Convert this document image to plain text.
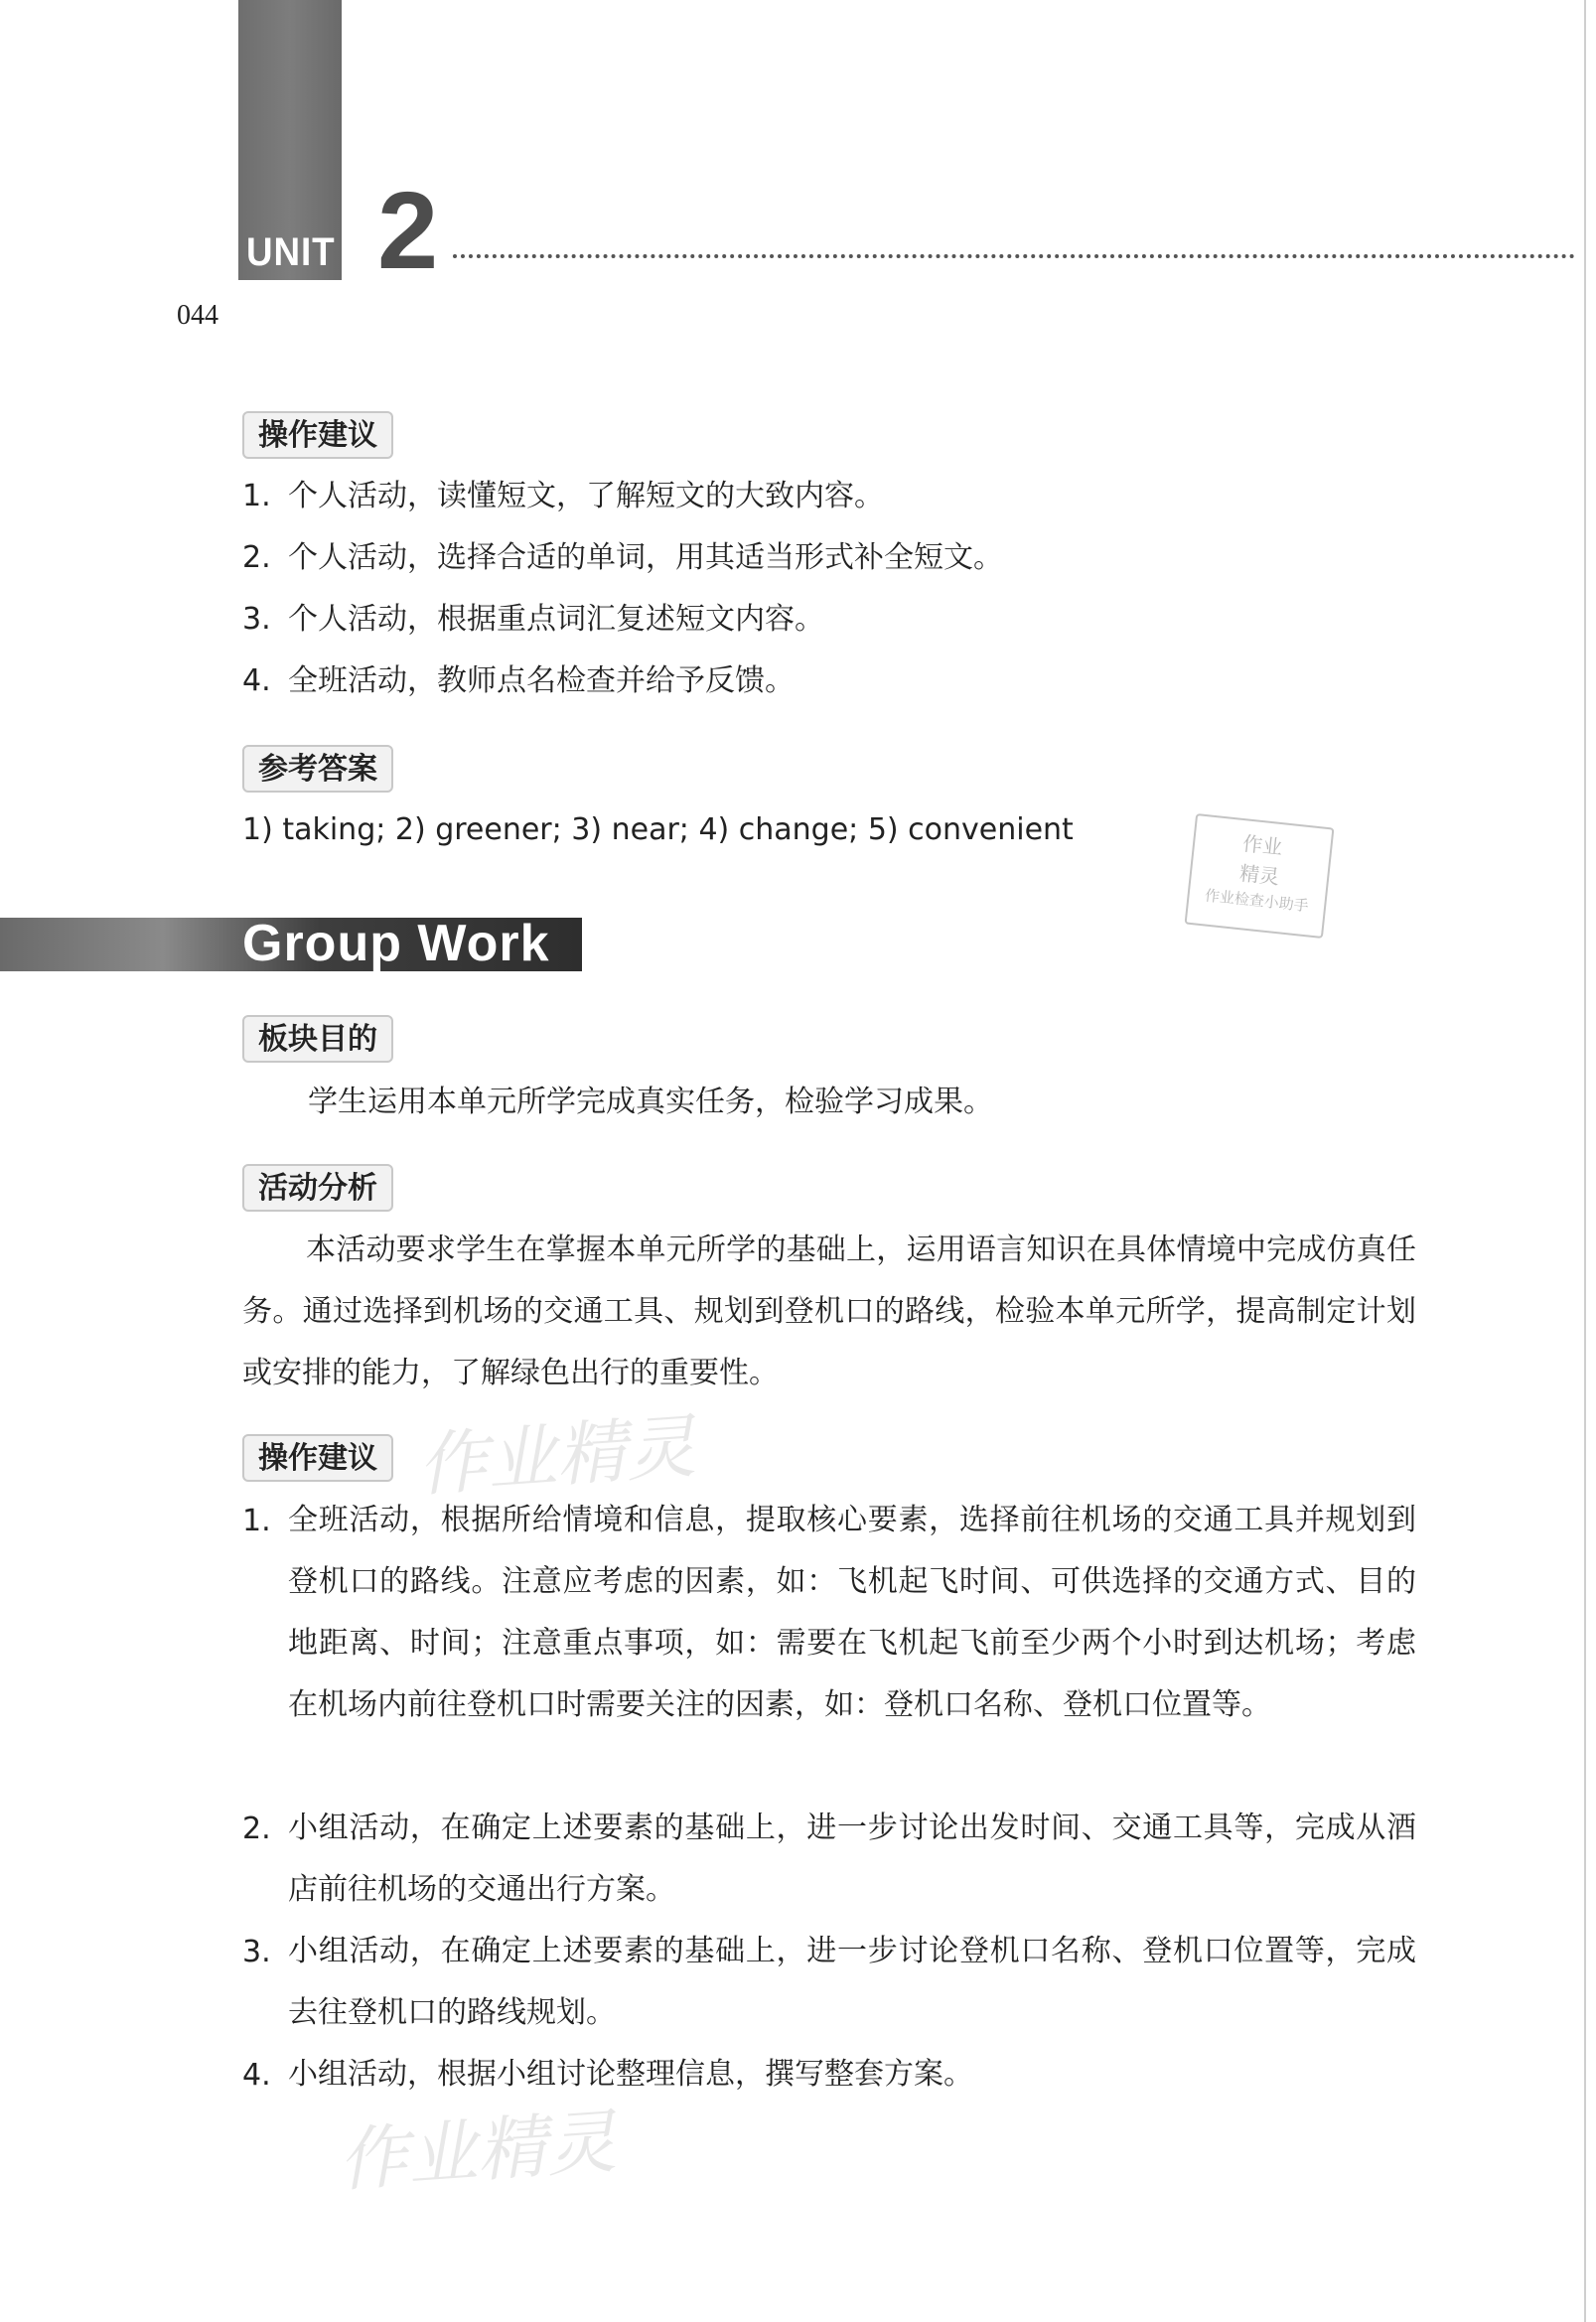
UNIT 2
044
操作建议
1. 个人活动，读懂短文，了解短文的大致内容。
2. 个人活动，选择合适的单词，用其适当形式补全短文。
3. 个人活动，根据重点词汇复述短文内容。
4. 全班活动，教师点名检查并给予反馈。
参考答案
1) taking; 2) greener; 3) near; 4) change; 5) convenient	作业
精灵
作业检查小助手
Group Work
板块目的
学生运用本单元所学完成真实任务，检验学习成果。
活动分析
本活动要求学生在掌握本单元所学的基础上，运用语言知识在具体情境中完成仿真任务。通过选择到机场的交通工具、规划到登机口的路线，检验本单元所学，提高制定计划或安排的能力，了解绿色出行的重要性。
操作建议
1. 全班活动，根据所给情境和信息，提取核心要素，选择前往机场的交通工具并规划到登机口的路线。注意应考虑的因素，如：飞机起飞时间、可供选择的交通方式、目的地距离、时间；注意重点事项，如：需要在飞机起飞前至少两个小时到达机场；考虑在机场内前往登机口时需要关注的因素，如：登机口名称、登机口位置等。
2. 小组活动，在确定上述要素的基础上，进一步讨论出发时间、交通工具等，完成从酒店前往机场的交通出行方案。
3. 小组活动，在确定上述要素的基础上，进一步讨论登机口名称、登机口位置等，完成去往登机口的路线规划。
4. 小组活动，根据小组讨论整理信息，撰写整套方案。
作业精灵
作业精灵
